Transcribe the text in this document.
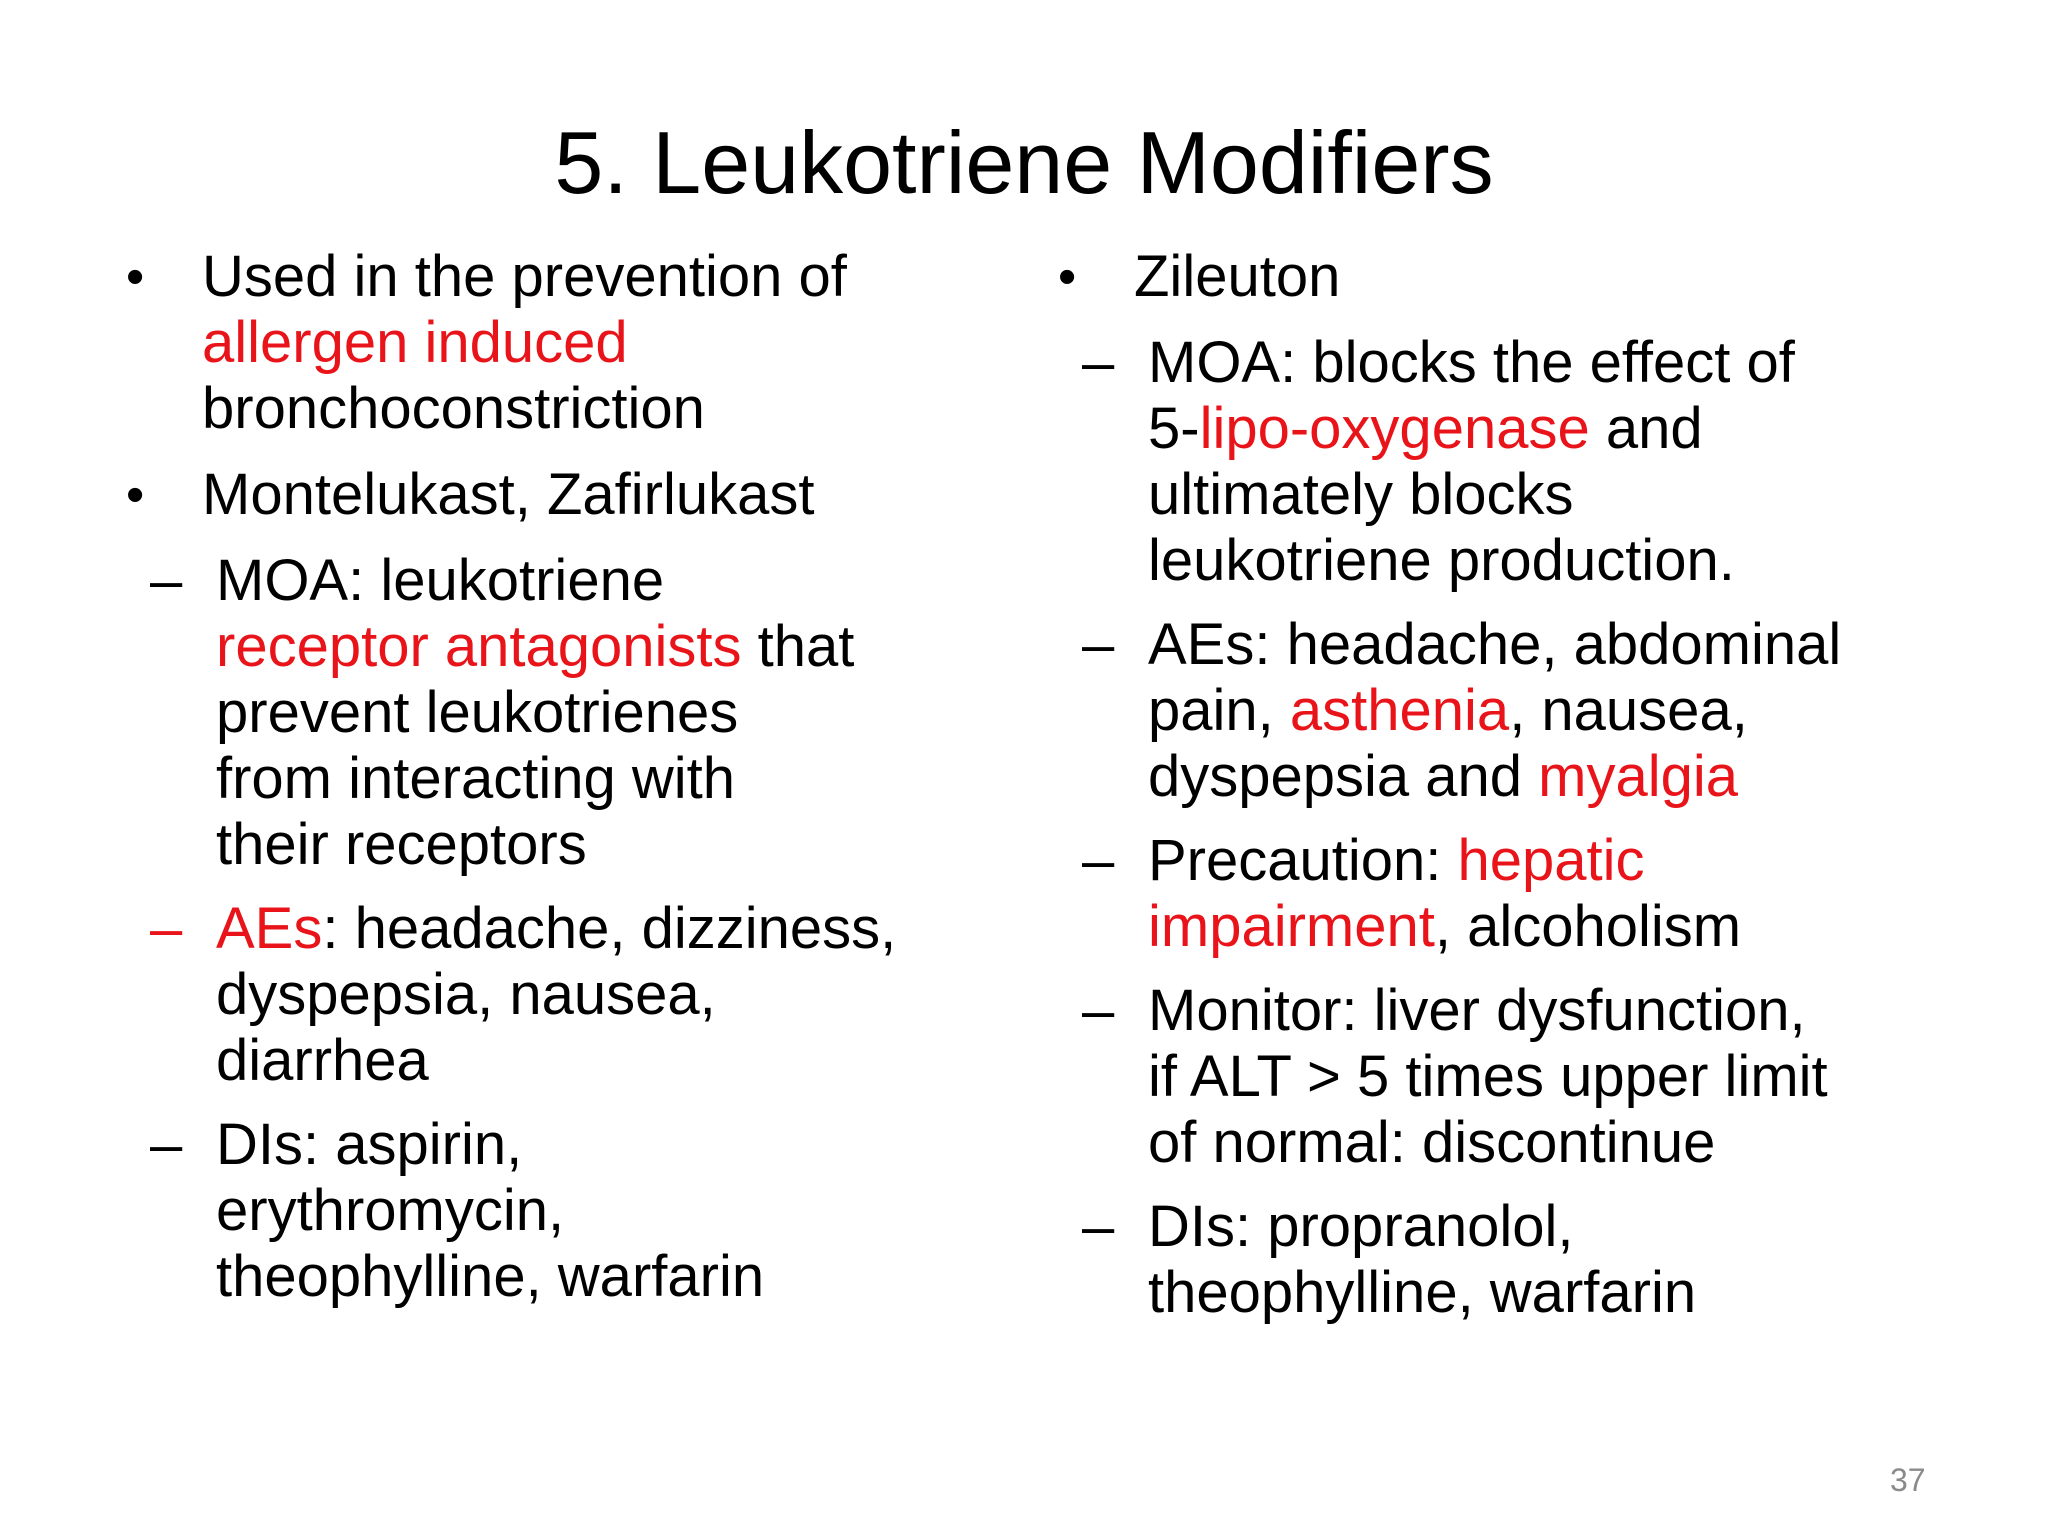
5. Leukotriene Modifiers
• Used in the prevention of
allergen induced
bronchoconstriction
• Montelukast, Zafirlukast
– MOA: leukotriene
receptor antagonists that
prevent leukotrienes
from interacting with
their receptors
– AEs: headache, dizziness,
dyspepsia, nausea,
diarrhea
– DIs: aspirin,
erythromycin,
theophylline, warfarin
• Zileuton
– MOA: blocks the effect of
5-lipo-oxygenase and
ultimately blocks
leukotriene production.
– AEs: headache, abdominal
pain, asthenia, nausea,
dyspepsia and myalgia
– Precaution: hepatic
impairment, alcoholism
– Monitor: liver dysfunction,
if ALT > 5 times upper limit
of normal: discontinue
– DIs: propranolol,
theophylline, warfarin
37
